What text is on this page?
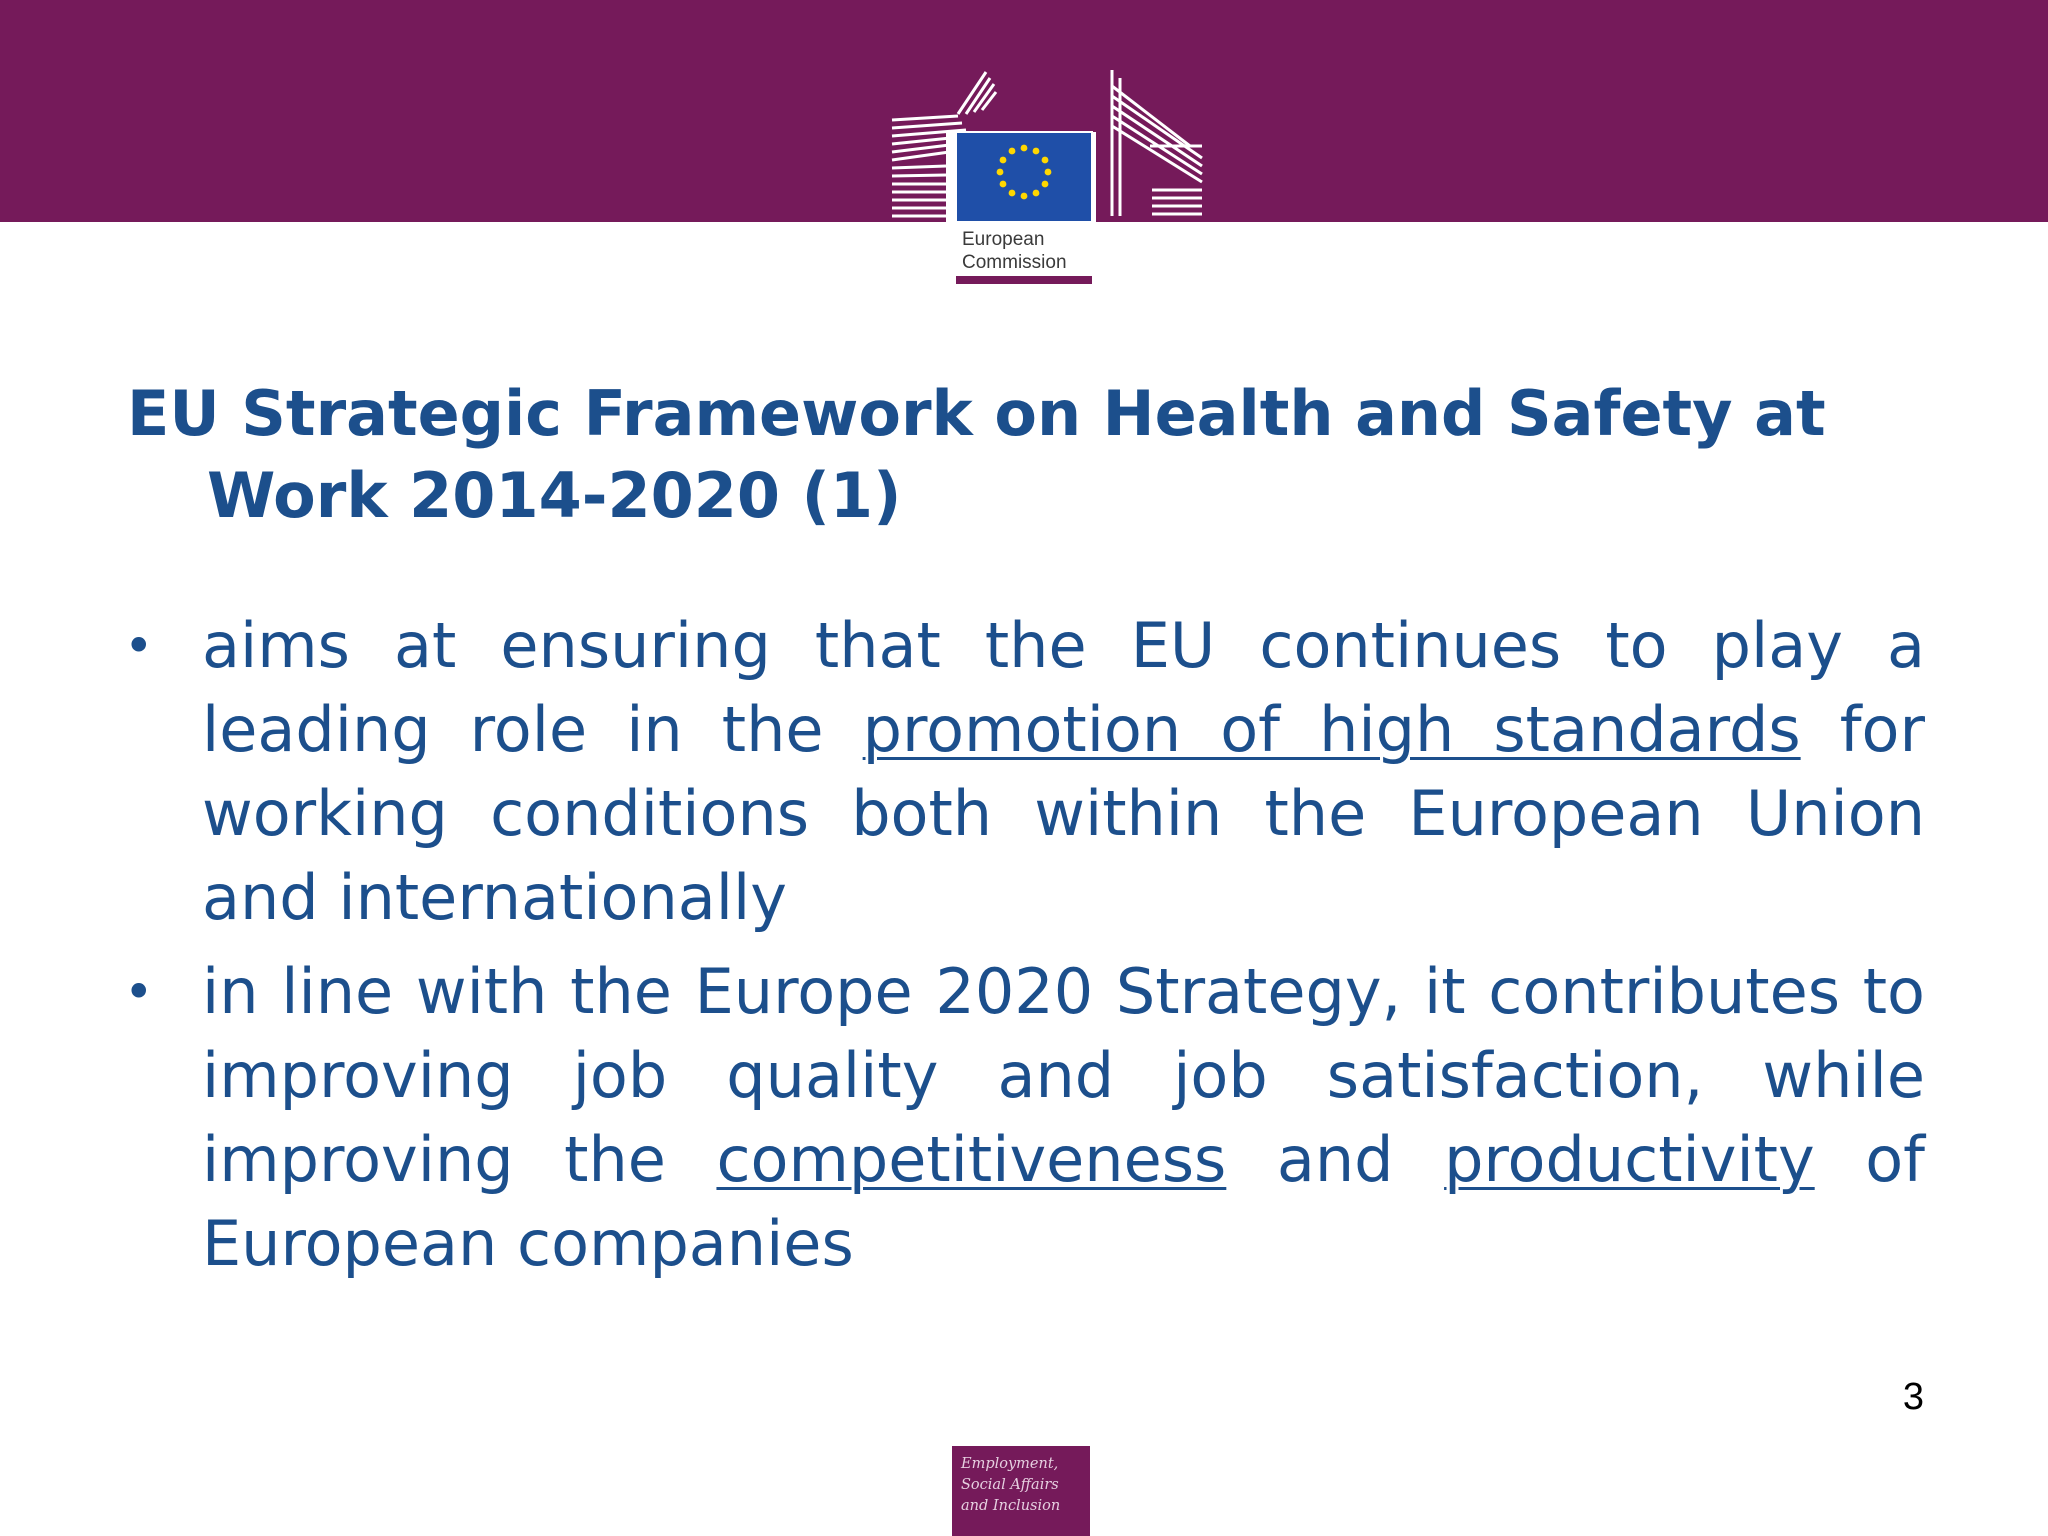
European
Commission
EU Strategic Framework on Health and Safety at
Work 2014-2020 (1)
• aims at ensuring that the EU continues to play a leading role in the promotion of high standards for working conditions both within the European Union and internationally
• in line with the Europe 2020 Strategy, it contributes to improving job quality and job satisfaction, while improving the competitiveness and productivity of European companies
3
Employment,
Social Affairs
and Inclusion
